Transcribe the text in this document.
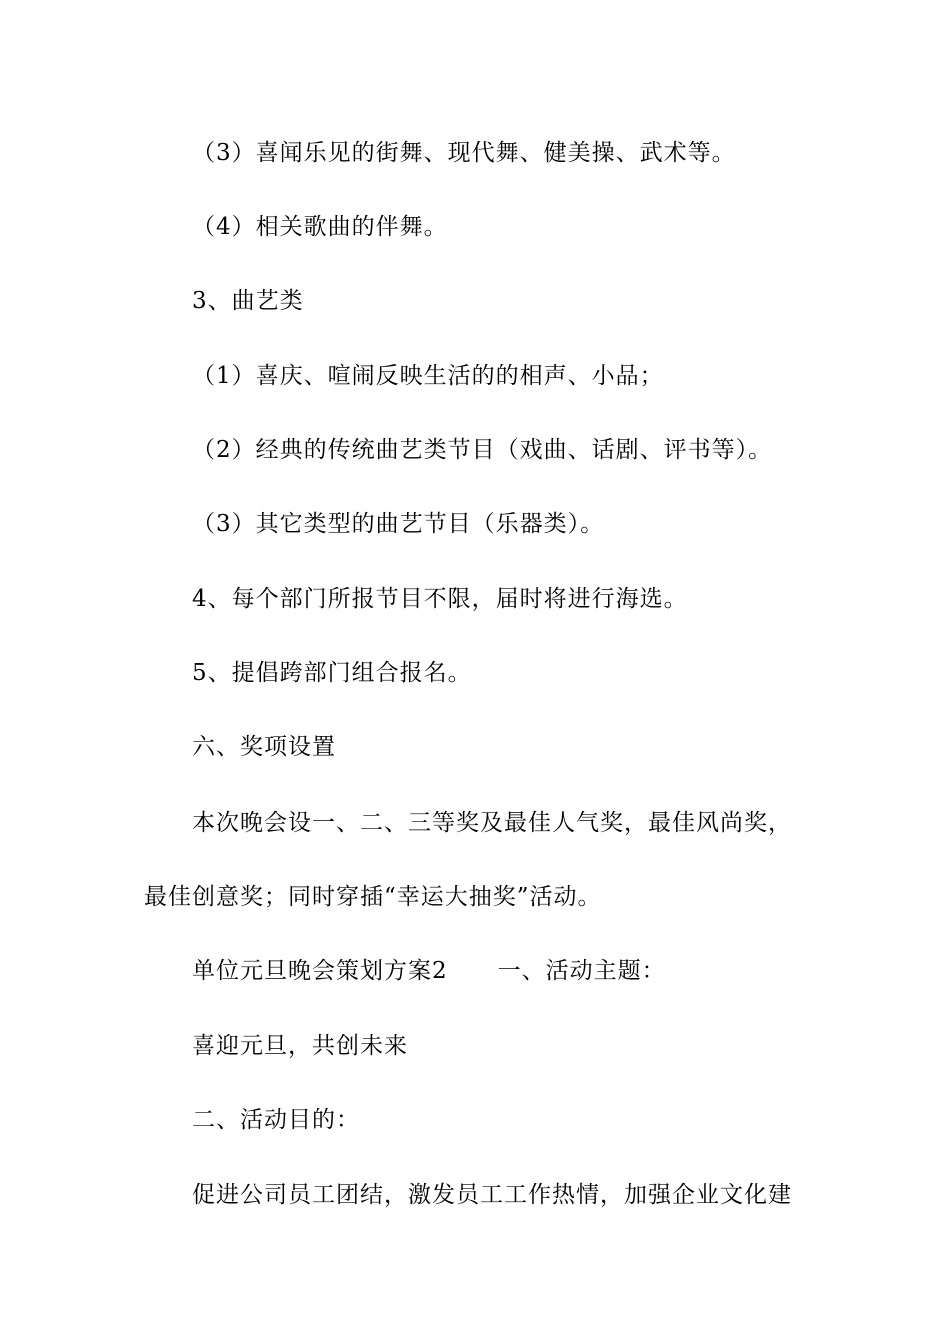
（3）喜闻乐见的街舞、现代舞、健美操、武术等。
（4）相关歌曲的伴舞。
3、曲艺类
（1）喜庆、喧闹反映生活的的相声、小品；
（2）经典的传统曲艺类节目（戏曲、话剧、评书等）。
（3）其它类型的曲艺节目（乐器类）。
4、每个部门所报节目不限，届时将进行海选。
5、提倡跨部门组合报名。
六、奖项设置
本次晚会设一、二、三等奖及最佳人气奖，最佳风尚奖，
最佳创意奖；同时穿插“幸运大抽奖”活动。
单位元旦晚会策划方案2 一、活动主题：
喜迎元旦，共创未来
二、活动目的：
促进公司员工团结，激发员工工作热情，加强企业文化建
